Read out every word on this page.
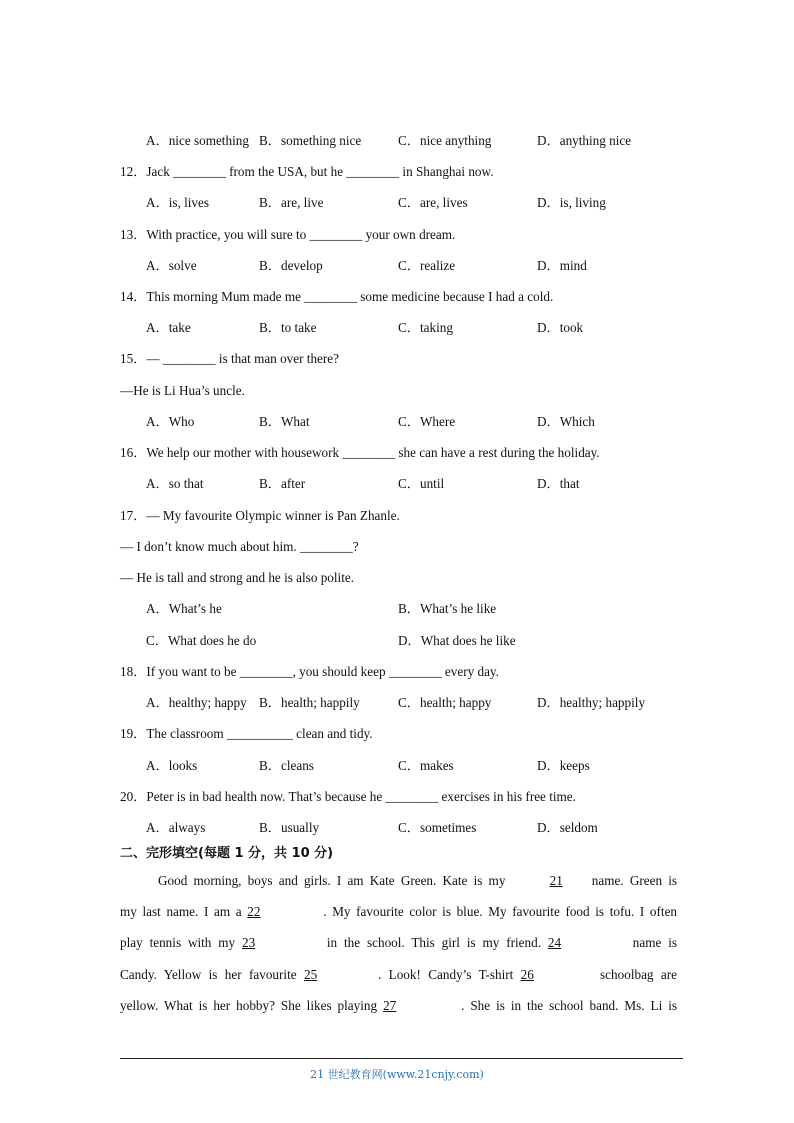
A．nice something B．something nice	C．nice anything	D．anything nice
12．Jack ________ from the USA, but he ________ in Shanghai now.
A．is, lives	B．are, live	C．are, lives	D．is, living
13．With practice, you will sure to ________ your own dream.
A．solve	B．develop	C．realize	D．mind
14．This morning Mum made me ________ some medicine because I had a cold.
A．take	B．to take	C．taking	D．took
15．— ________ is that man over there?
—He is Li Hua’s uncle.
A．Who	B．What	C．Where	D．Which
16．We help our mother with housework ________ she can have a rest during the holiday.
A．so that	B．after	C．until	D．that
17．— My favourite Olympic winner is Pan Zhanle.
— I don’t know much about him. ________?
— He is tall and strong and he is also polite.
A．What’s he	B．What’s he like
C．What does he do	D．What does he like
18．If you want to be ________, you should keep ________ every day.
A．healthy; happy B．health; happily	C．health; happy	D．healthy; happily
19．The classroom __________ clean and tidy.
A．looks	B．cleans	C．makes	D．keeps
20．Peter is in bad health now. That’s because he ________ exercises in his free time.
A．always	B．usually	C．sometimes	D．seldom
二、完形填空(每题 1 分，共 10 分)
Good morning, boys and girls. I am Kate Green. Kate is my	21 name. Green is
my last name. I am a 22	. My favourite color is blue. My favourite food is tofu. I often
play tennis with my 23	in the school. This girl is my friend. 24	name is
Candy. Yellow is her favourite 25	. Look! Candy’s T-shirt 26	schoolbag are
yellow. What is her hobby? She likes playing 27	. She is in the school band. Ms. Li is
21 世纪教育网(www.21cnjy.com)
